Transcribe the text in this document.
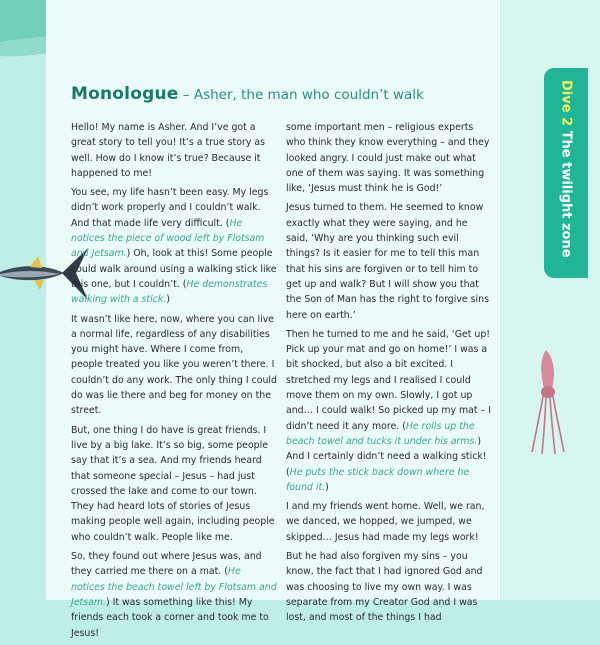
Monologue – Asher, the man who couldn’t walk

Hello! My name is Asher. And I’ve got a great story to tell you! It’s a true story as well. How do I know it’s true? Because it happened to me!

You see, my life hasn’t been easy. My legs didn’t work properly and I couldn’t walk. And that made life very difficult. (He notices the piece of wood left by Flotsam and Jetsam.) Oh, look at this! Some people could walk around using a walking stick like this one, but I couldn’t. (He demonstrates walking with a stick.)

It wasn’t like here, now, where you can live a normal life, regardless of any disabilities you might have. Where I come from, people treated you like you weren’t there. I couldn’t do any work. The only thing I could do was lie there and beg for money on the street.

But, one thing I do have is great friends. I live by a big lake. It’s so big, some people say that it’s a sea. And my friends heard that someone special – Jesus – had just crossed the lake and come to our town. They had heard lots of stories of Jesus making people well again, including people who couldn’t walk. People like me.

So, they found out where Jesus was, and they carried me there on a mat. (He notices the beach towel left by Flotsam and Jetsam.) It was something like this! My friends each took a corner and took me to Jesus!

some important men – religious experts who think they know everything – and they looked angry. I could just make out what one of them was saying. It was something like, ‘Jesus must think he is God!’

Jesus turned to them. He seemed to know exactly what they were saying, and he said, ‘Why are you thinking such evil things? Is it easier for me to tell this man that his sins are forgiven or to tell him to get up and walk? But I will show you that the Son of Man has the right to forgive sins here on earth.’

Then he turned to me and he said, ‘Get up! Pick up your mat and go on home!’ I was a bit shocked, but also a bit excited. I stretched my legs and I realised I could move them on my own. Slowly, I got up and… I could walk! So picked up my mat – I didn’t need it any more. (He rolls up the beach towel and tucks it under his arms.) And I certainly didn’t need a walking stick! (He puts the stick back down where he found it.)

I and my friends went home. Well, we ran, we danced, we hopped, we jumped, we skipped… Jesus had made my legs work!

But he had also forgiven my sins – you know, the fact that I had ignored God and was choosing to live my own way. I was separate from my Creator God and I was lost, and most of the things I had

Dive 2 The twilight zone
